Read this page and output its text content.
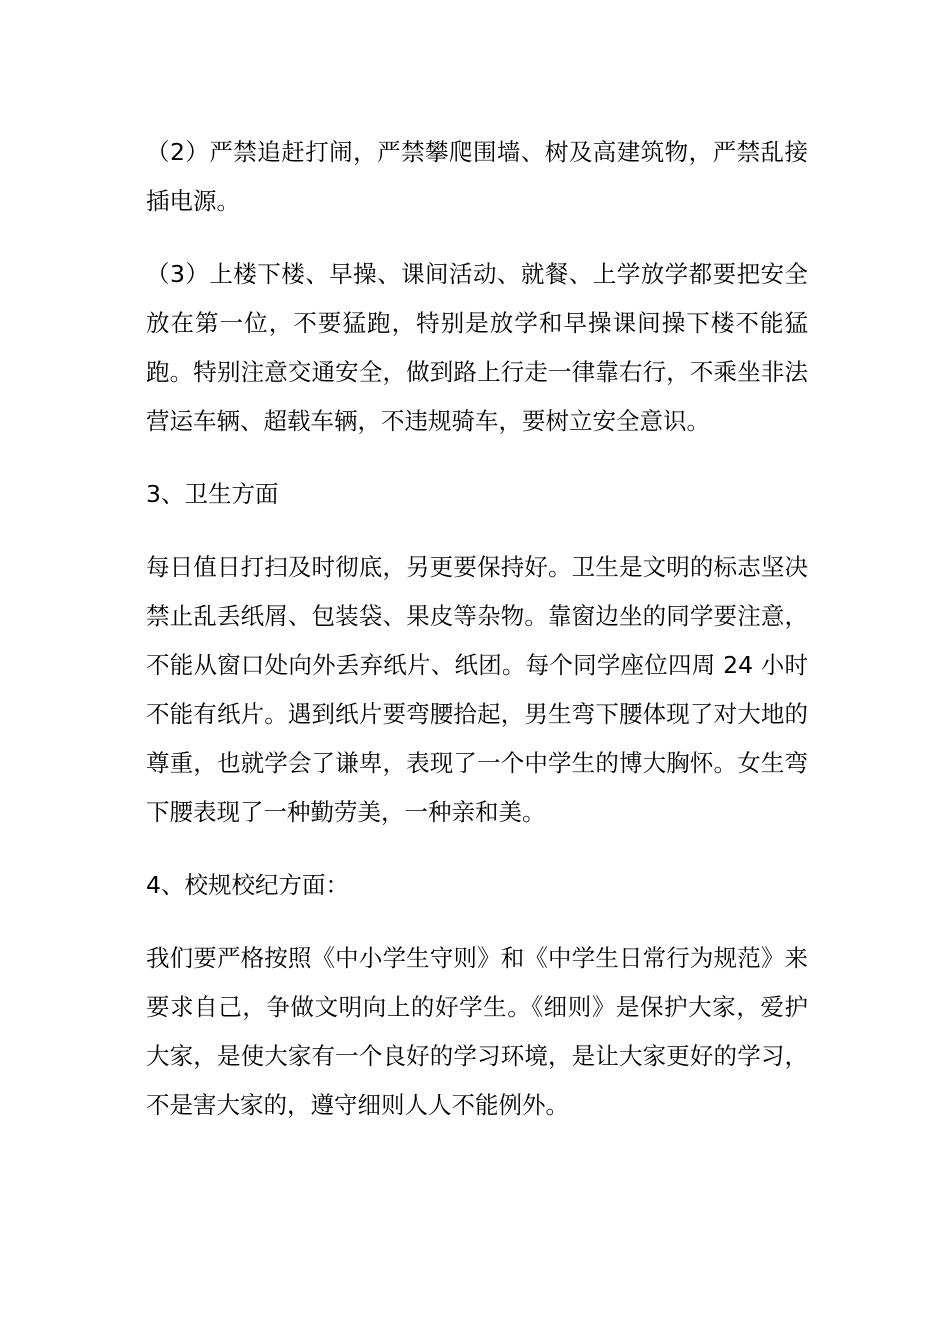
（2）严禁追赶打闹，严禁攀爬围墙、树及高建筑物，严禁乱接插电源。

（3）上楼下楼、早操、课间活动、就餐、上学放学都要把安全放在第一位，不要猛跑，特别是放学和早操课间操下楼不能猛跑。特别注意交通安全，做到路上行走一律靠右行，不乘坐非法营运车辆、超载车辆，不违规骑车，要树立安全意识。

3、卫生方面

每日值日打扫及时彻底，另更要保持好。卫生是文明的标志坚决禁止乱丢纸屑、包装袋、果皮等杂物。靠窗边坐的同学要注意，不能从窗口处向外丢弃纸片、纸团。每个同学座位四周 24 小时不能有纸片。遇到纸片要弯腰拾起，男生弯下腰体现了对大地的尊重，也就学会了谦卑，表现了一个中学生的博大胸怀。女生弯下腰表现了一种勤劳美，一种亲和美。

4、校规校纪方面：

我们要严格按照《中小学生守则》和《中学生日常行为规范》来要求自己，争做文明向上的好学生。《细则》是保护大家，爱护大家，是使大家有一个良好的学习环境，是让大家更好的学习，不是害大家的，遵守细则人人不能例外。
